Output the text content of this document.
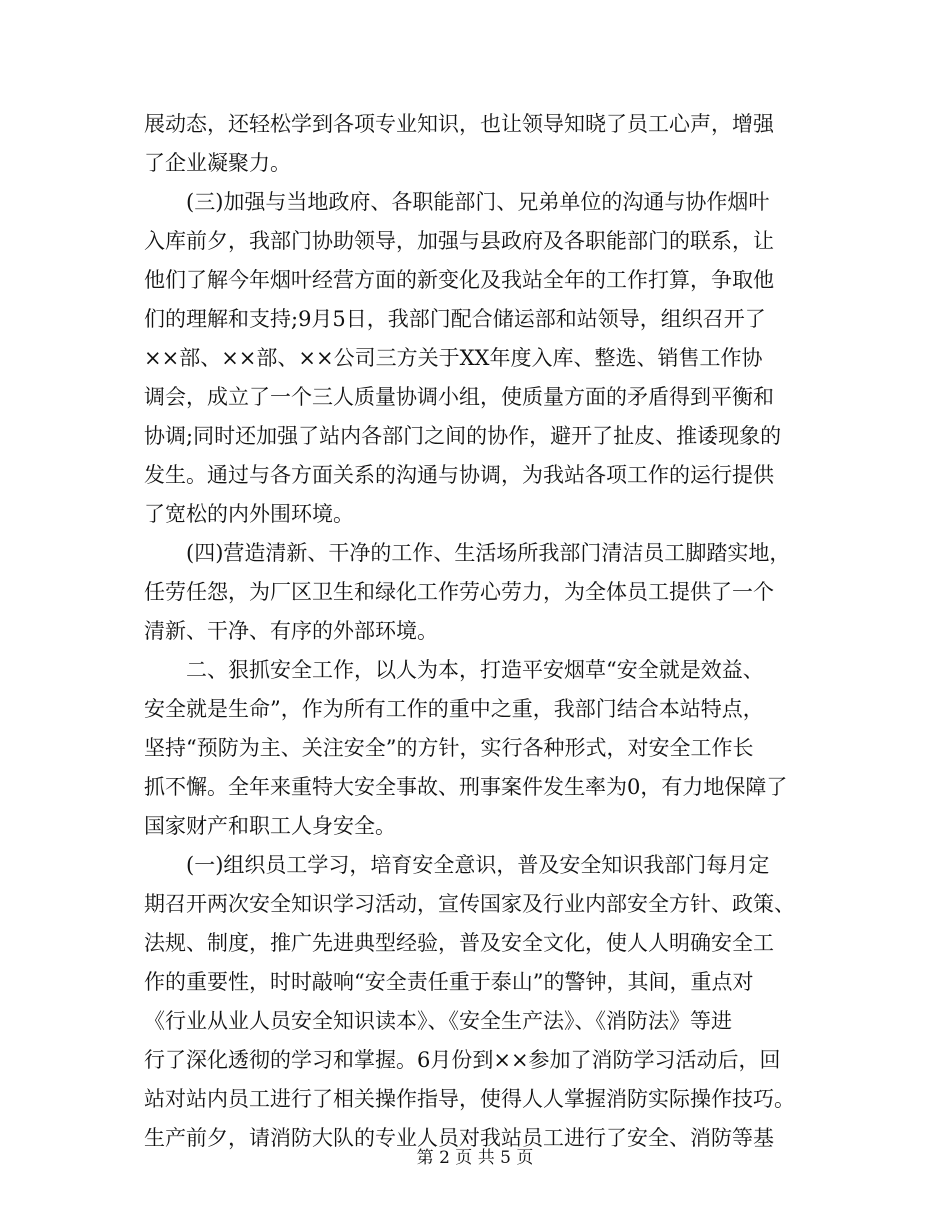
展动态，还轻松学到各项专业知识，也让领导知晓了员工心声，增强
了企业凝聚力。
　　(三)加强与当地政府、各职能部门、兄弟单位的沟通与协作烟叶
入库前夕，我部门协助领导，加强与县政府及各职能部门的联系，让
他们了解今年烟叶经营方面的新变化及我站全年的工作打算，争取他
们的理解和支持;9月5日，我部门配合储运部和站领导，组织召开了
××部、××部、××公司三方关于XX年度入库、整选、销售工作协
调会，成立了一个三人质量协调小组，使质量方面的矛盾得到平衡和
协调;同时还加强了站内各部门之间的协作，避开了扯皮、推诿现象的
发生。通过与各方面关系的沟通与协调，为我站各项工作的运行提供
了宽松的内外围环境。
　　(四)营造清新、干净的工作、生活场所我部门清洁员工脚踏实地，
任劳任怨，为厂区卫生和绿化工作劳心劳力，为全体员工提供了一个
清新、干净、有序的外部环境。
　　二、狠抓安全工作，以人为本，打造平安烟草“安全就是效益、
安全就是生命”，作为所有工作的重中之重，我部门结合本站特点，
坚持“预防为主、关注安全”的方针，实行各种形式，对安全工作长
抓不懈。全年来重特大安全事故、刑事案件发生率为0，有力地保障了
国家财产和职工人身安全。
　　(一)组织员工学习，培育安全意识，普及安全知识我部门每月定
期召开两次安全知识学习活动，宣传国家及行业内部安全方针、政策、
法规、制度，推广先进典型经验，普及安全文化，使人人明确安全工
作的重要性，时时敲响“安全责任重于泰山”的警钟，其间，重点对
《行业从业人员安全知识读本》、《安全生产法》、《消防法》等进
行了深化透彻的学习和掌握。6月份到××参加了消防学习活动后，回
站对站内员工进行了相关操作指导，使得人人掌握消防实际操作技巧。
生产前夕，请消防大队的专业人员对我站员工进行了安全、消防等基
第 2 页 共 5 页
